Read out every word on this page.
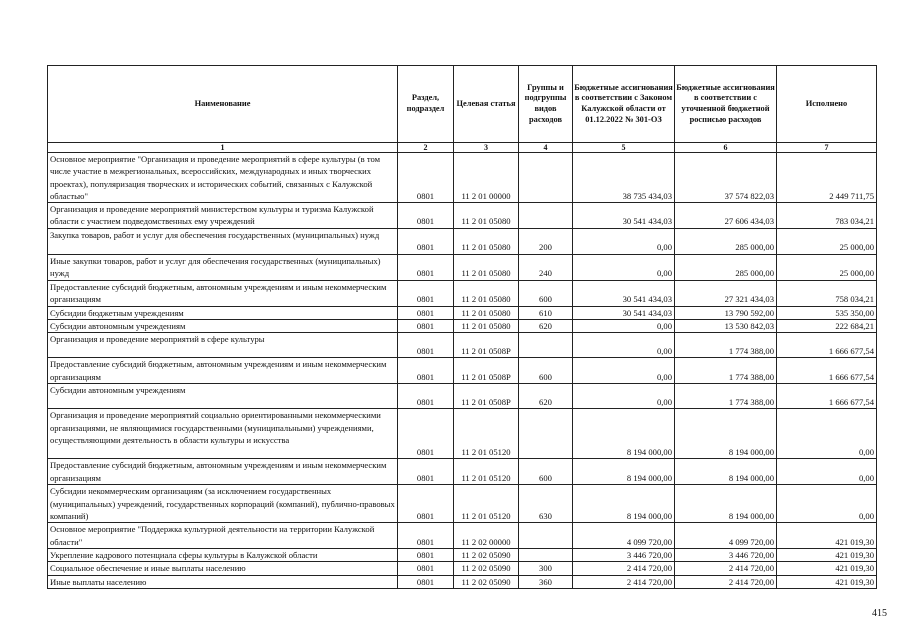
Наименование	Раздел, подраздел	Целевая статья	Группы и подгруппы видов расходов	Бюджетные ассигнования в соответствии с Законом Калужской области от 01.12.2022 № 301-ОЗ	Бюджетные ассигнования в соответствии с уточненной бюджетной росписью расходов	Исполнено
1	2	3	4	5	6	7
Основное мероприятие "Организация и проведение мероприятий в сфере культуры (в том числе участие в межрегиональных, всероссийских, международных и иных творческих проектах), популяризация творческих и исторических событий, связанных с Калужской областью"	0801	11 2 01 00000		38 735 434,03	37 574 822,03	2 449 711,75
Организация и проведение мероприятий министерством культуры и туризма Калужской области с участием подведомственных ему учреждений	0801	11 2 01 05080		30 541 434,03	27 606 434,03	783 034,21
Закупка товаров, работ и услуг для обеспечения государственных (муниципальных) нужд	0801	11 2 01 05080	200	0,00	285 000,00	25 000,00
Иные закупки товаров, работ и услуг для обеспечения государственных (муниципальных) нужд	0801	11 2 01 05080	240	0,00	285 000,00	25 000,00
Предоставление субсидий бюджетным, автономным учреждениям и иным некоммерческим организациям	0801	11 2 01 05080	600	30 541 434,03	27 321 434,03	758 034,21
Субсидии бюджетным учреждениям	0801	11 2 01 05080	610	30 541 434,03	13 790 592,00	535 350,00
Субсидии автономным учреждениям	0801	11 2 01 05080	620	0,00	13 530 842,03	222 684,21
Организация и проведение мероприятий в сфере культуры	0801	11 2 01 0508Р		0,00	1 774 388,00	1 666 677,54
Предоставление субсидий бюджетным, автономным учреждениям и иным некоммерческим организациям	0801	11 2 01 0508Р	600	0,00	1 774 388,00	1 666 677,54
Субсидии автономным учреждениям	0801	11 2 01 0508Р	620	0,00	1 774 388,00	1 666 677,54
Организация и проведение мероприятий социально ориентированными некоммерческими организациями, не являющимися государственными (муниципальными) учреждениями, осуществляющими деятельность в области культуры и искусства	0801	11 2 01 05120		8 194 000,00	8 194 000,00	0,00
Предоставление субсидий бюджетным, автономным учреждениям и иным некоммерческим организациям	0801	11 2 01 05120	600	8 194 000,00	8 194 000,00	0,00
Субсидии некоммерческим организациям (за исключением государственных (муниципальных) учреждений, государственных корпораций (компаний), публично-правовых компаний)	0801	11 2 01 05120	630	8 194 000,00	8 194 000,00	0,00
Основное мероприятие "Поддержка культурной деятельности на территории Калужской области"	0801	11 2 02 00000		4 099 720,00	4 099 720,00	421 019,30
Укрепление кадрового потенциала сферы культуры в Калужской области	0801	11 2 02 05090		3 446 720,00	3 446 720,00	421 019,30
Социальное обеспечение и иные выплаты населению	0801	11 2 02 05090	300	2 414 720,00	2 414 720,00	421 019,30
Иные выплаты населению	0801	11 2 02 05090	360	2 414 720,00	2 414 720,00	421 019,30
415
